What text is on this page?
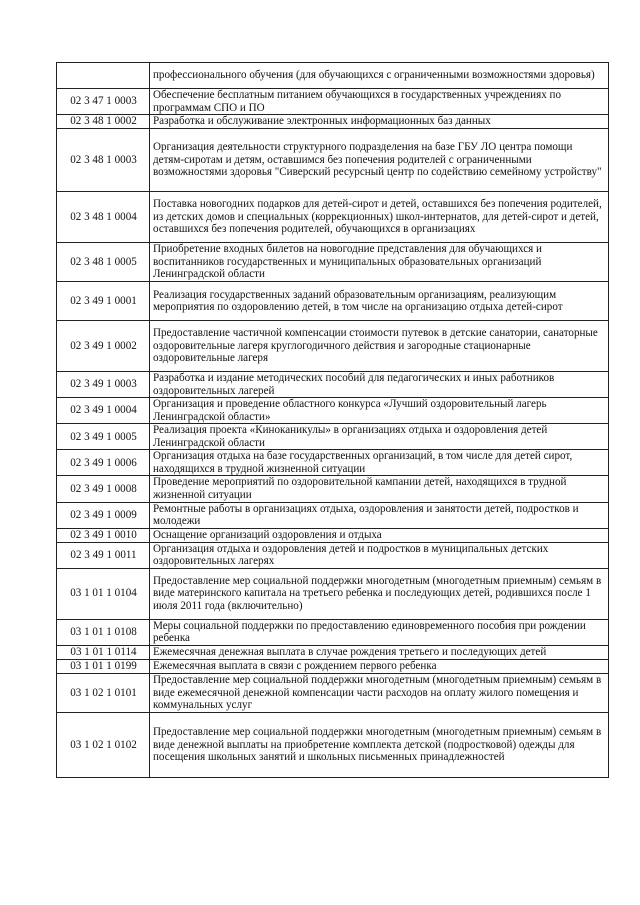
	профессионального обучения (для обучающихся с ограниченными возможностями здоровья)
02 3 47 1 0003	Обеспечение бесплатным питанием обучающихся в государственных учреждениях по программам СПО и ПО
02 3 48 1 0002	Разработка и обслуживание электронных информационных баз данных
02 3 48 1 0003	Организация деятельности структурного подразделения на базе ГБУ ЛО центра помощи детям-сиротам и детям, оставшимся без попечения родителей с ограниченными возможностями здоровья "Сиверский ресурсный центр по содействию семейному устройству"
02 3 48 1 0004	Поставка новогодних подарков для детей-сирот и детей, оставшихся без попечения родителей, из детских домов и специальных (коррекционных) школ-интернатов, для детей-сирот и детей, оставшихся без попечения родителей, обучающихся в организациях
02 3 48 1 0005	Приобретение входных билетов на новогодние представления для обучающихся и воспитанников государственных и муниципальных образовательных организаций Ленинградской области
02 3 49 1 0001	Реализация государственных заданий образовательным организациям, реализующим мероприятия по оздоровлению детей, в том числе на организацию отдыха детей-сирот
02 3 49 1 0002	Предоставление частичной компенсации стоимости путевок в детские санатории, санаторные оздоровительные лагеря круглогодичного действия и загородные стационарные оздоровительные лагеря
02 3 49 1 0003	Разработка и издание методических пособий для педагогических и иных работников оздоровительных лагерей
02 3 49 1 0004	Организация и проведение областного конкурса «Лучший оздоровительный лагерь Ленинградской области»
02 3 49 1 0005	Реализация проекта «Киноканикулы» в организациях отдыха и оздоровления детей Ленинградской области
02 3 49 1 0006	Организация отдыха на базе государственных организаций, в том числе для детей сирот, находящихся в трудной жизненной ситуации
02 3 49 1 0008	Проведение мероприятий по оздоровительной кампании детей, находящихся в трудной жизненной ситуации
02 3 49 1 0009	Ремонтные работы в организациях отдыха, оздоровления и занятости детей, подростков и молодежи
02 3 49 1 0010	Оснащение организаций оздоровления и отдыха
02 3 49 1 0011	Организация отдыха и оздоровления детей и подростков в муниципальных детских оздоровительных лагерях
03 1 01 1 0104	Предоставление мер социальной поддержки многодетным (многодетным приемным) семьям в виде материнского капитала на третьего ребенка и последующих детей, родившихся после 1 июля 2011 года (включительно)
03 1 01 1 0108	Меры социальной поддержки по предоставлению единовременного пособия при рождении ребенка
03 1 01 1 0114	Ежемесячная денежная выплата в случае рождения третьего и последующих детей
03 1 01 1 0199	Ежемесячная выплата в связи с рождением первого ребенка
03 1 02 1 0101	Предоставление мер социальной поддержки многодетным (многодетным приемным) семьям в виде ежемесячной денежной компенсации части расходов на оплату жилого помещения и коммунальных услуг
03 1 02 1 0102	Предоставление мер социальной поддержки многодетным (многодетным приемным) семьям в виде денежной выплаты на приобретение комплекта детской (подростковой) одежды для посещения школьных занятий и школьных письменных принадлежностей
